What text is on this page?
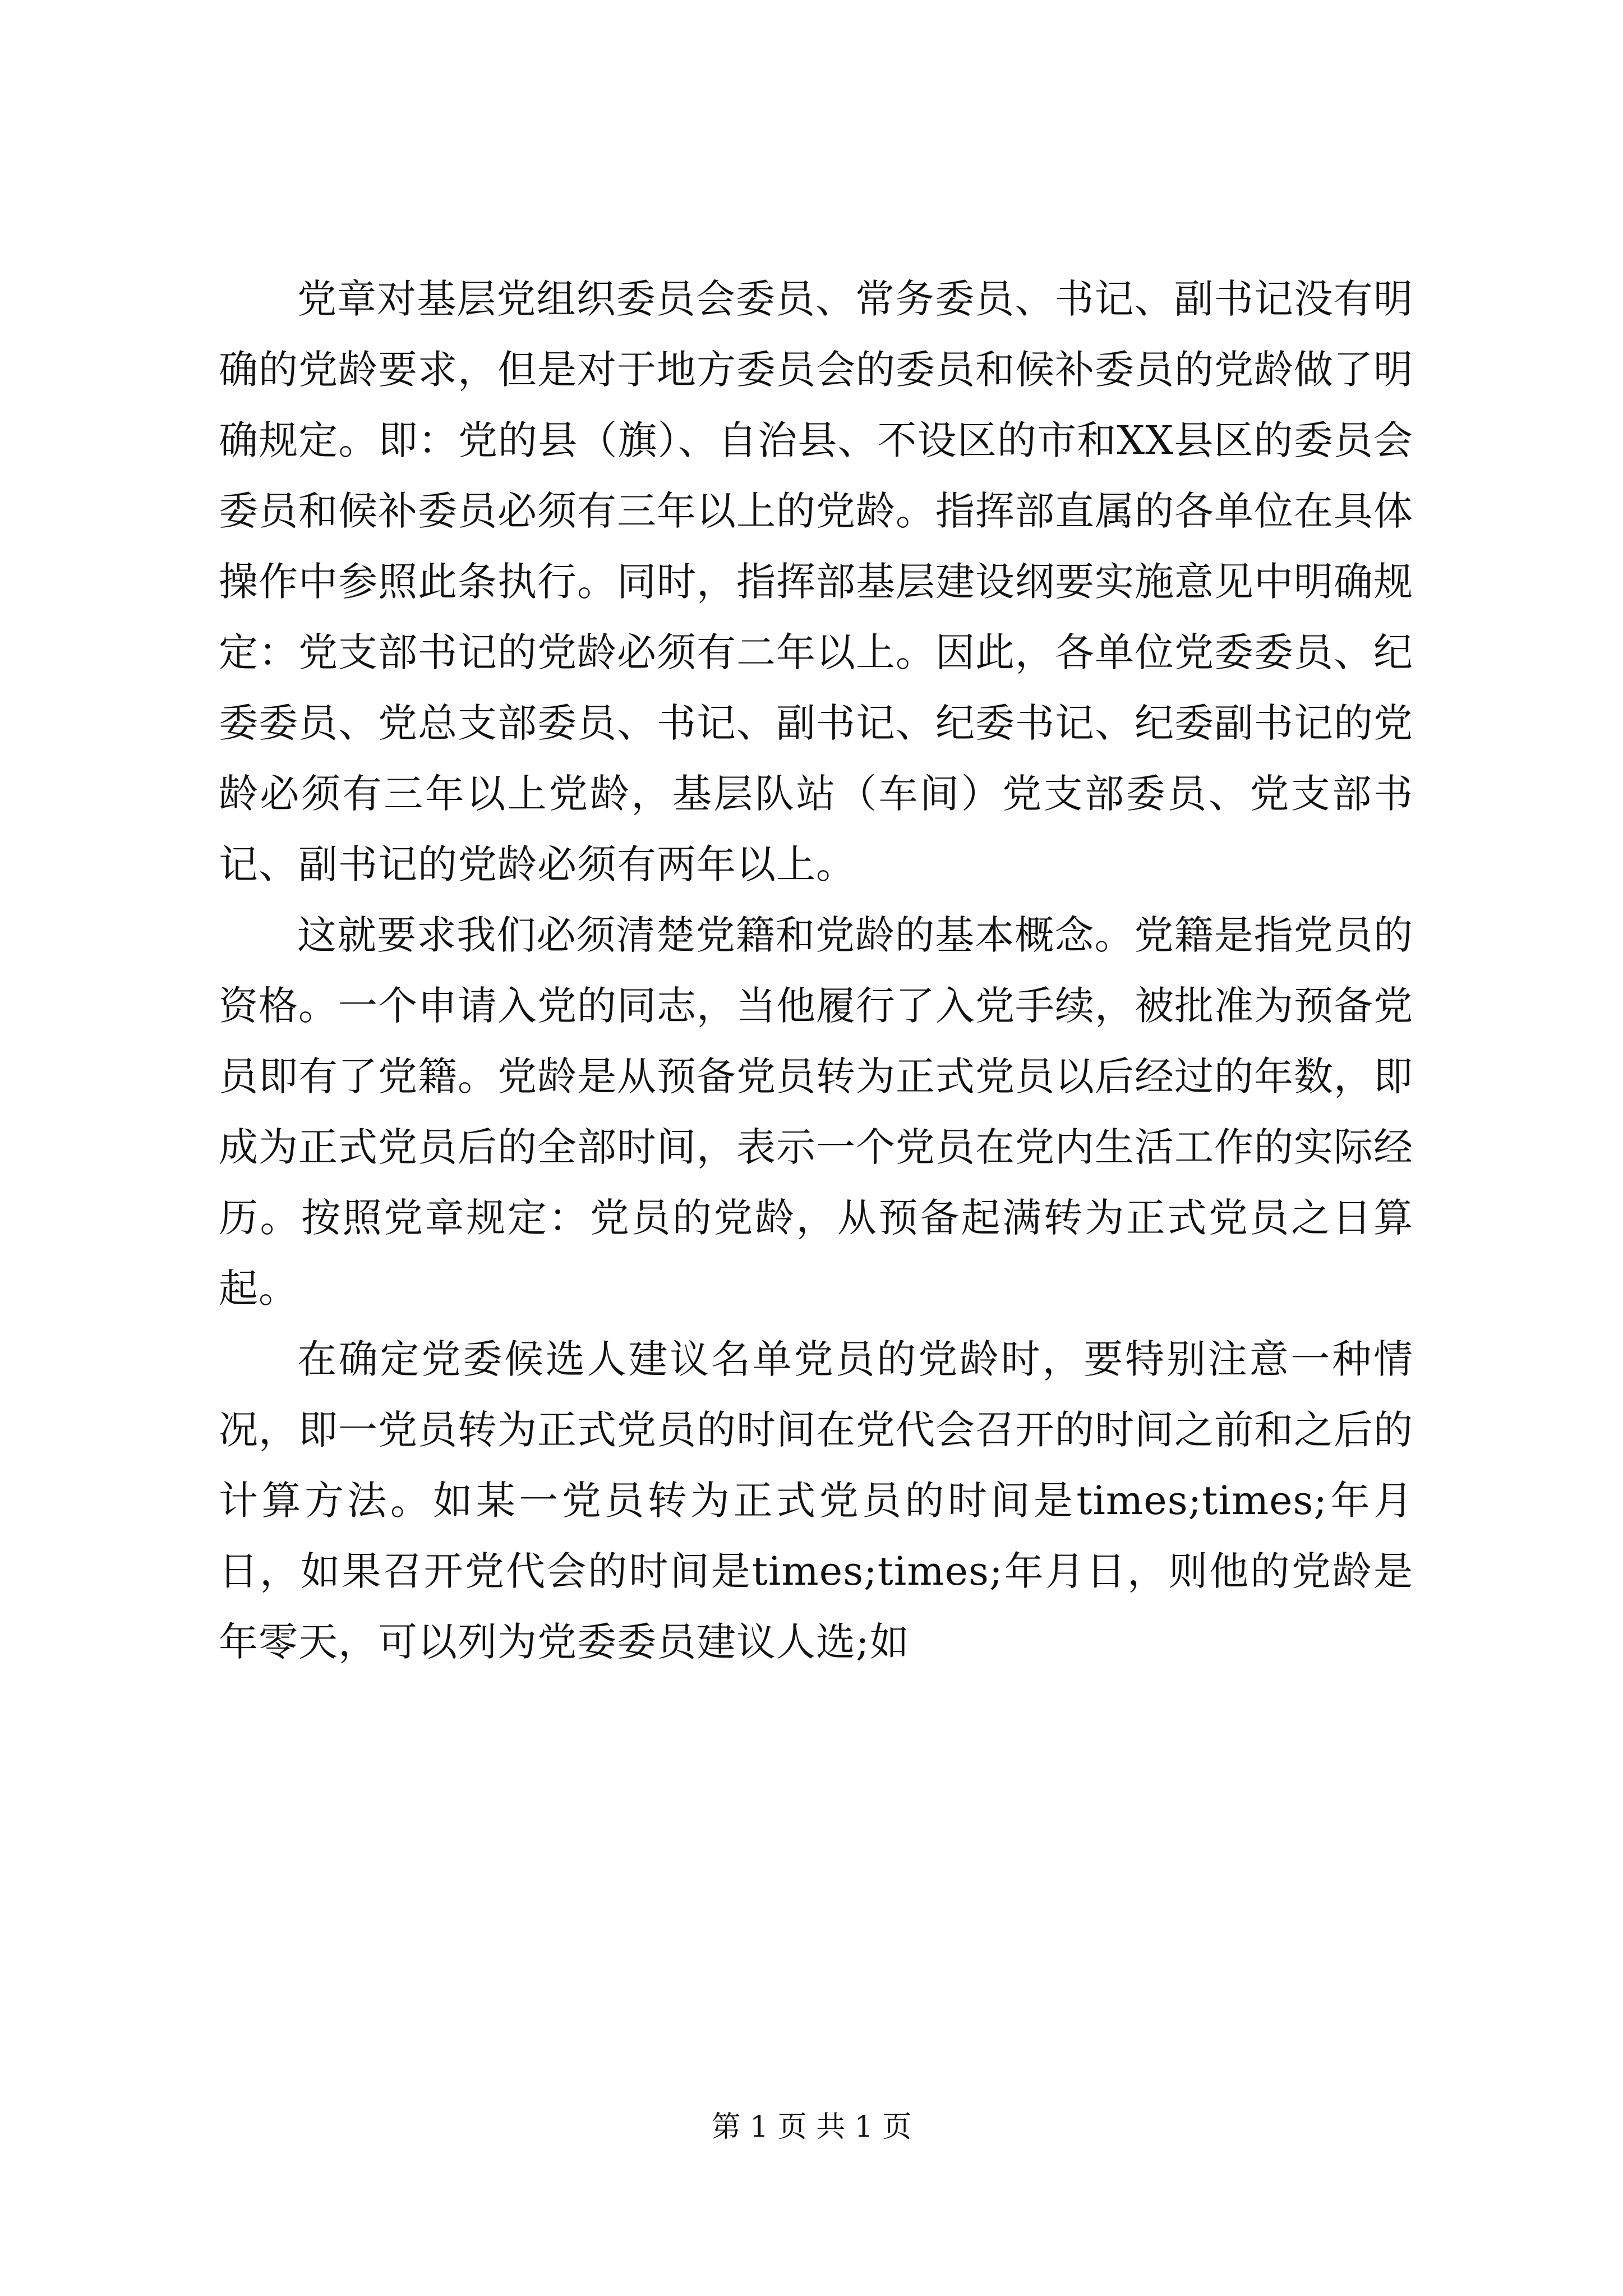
党章对基层党组织委员会委员、常务委员、书记、副书记没有明确的党龄要求，但是对于地方委员会的委员和候补委员的党龄做了明确规定。即：党的县（旗）、自治县、不设区的市和XX县区的委员会委员和候补委员必须有三年以上的党龄。指挥部直属的各单位在具体操作中参照此条执行。同时，指挥部基层建设纲要实施意见中明确规定：党支部书记的党龄必须有二年以上。因此，各单位党委委员、纪委委员、党总支部委员、书记、副书记、纪委书记、纪委副书记的党龄必须有三年以上党龄，基层队站（车间）党支部委员、党支部书记、副书记的党龄必须有两年以上。

这就要求我们必须清楚党籍和党龄的基本概念。党籍是指党员的资格。一个申请入党的同志，当他履行了入党手续，被批准为预备党员即有了党籍。党龄是从预备党员转为正式党员以后经过的年数，即成为正式党员后的全部时间，表示一个党员在党内生活工作的实际经历。按照党章规定：党员的党龄，从预备起满转为正式党员之日算起。

在确定党委候选人建议名单党员的党龄时，要特别注意一种情况，即一党员转为正式党员的时间在党代会召开的时间之前和之后的计算方法。如某一党员转为正式党员的时间是times;times;年月日，如果召开党代会的时间是times;times;年月日，则他的党龄是年零天，可以列为党委委员建议人选;如

第 1 页 共 1 页
